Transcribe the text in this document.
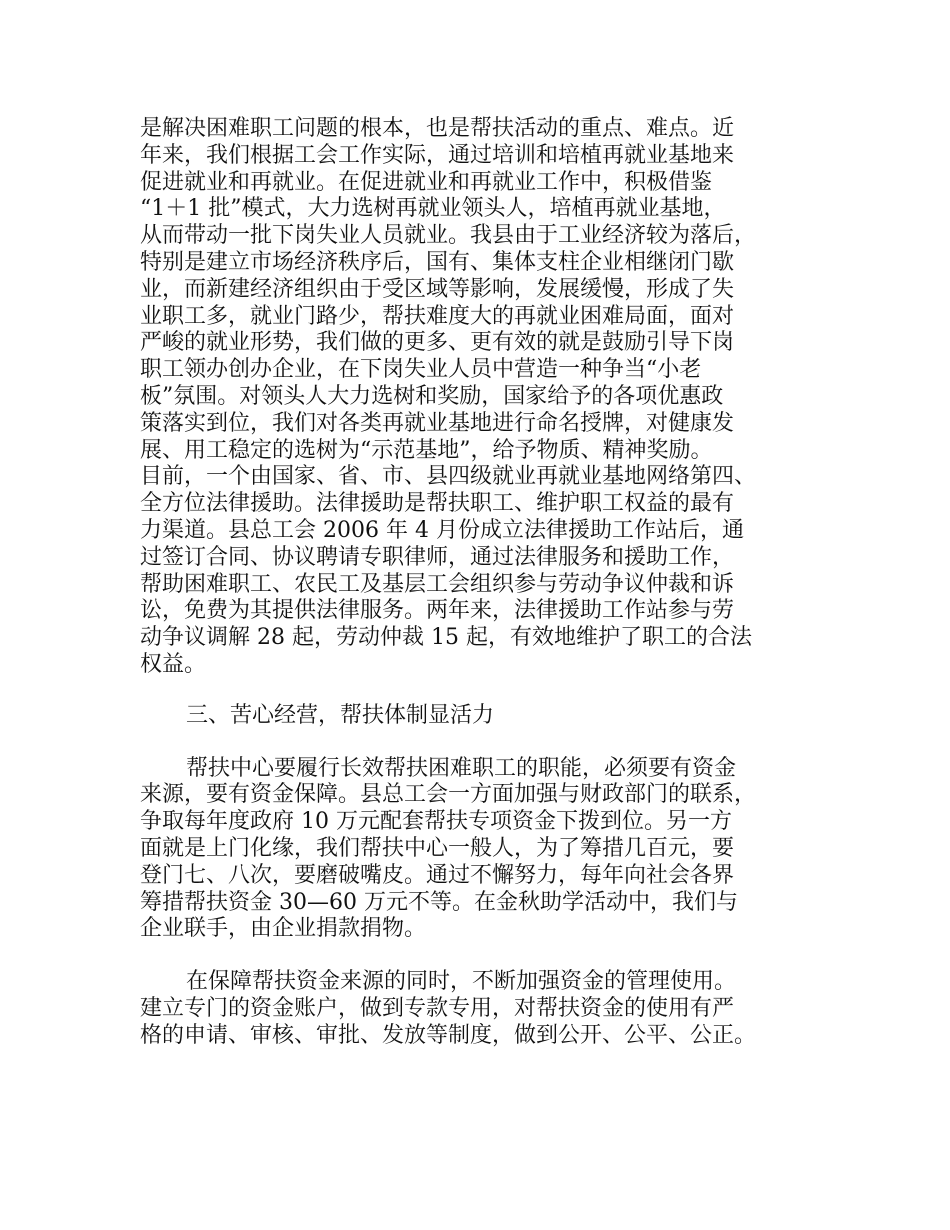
是解决困难职工问题的根本，也是帮扶活动的重点、难点。近
年来，我们根据工会工作实际，通过培训和培植再就业基地来
促进就业和再就业。在促进就业和再就业工作中，积极借鉴
“1＋1 批”模式，大力选树再就业领头人，培植再就业基地，
从而带动一批下岗失业人员就业。我县由于工业经济较为落后，
特别是建立市场经济秩序后，国有、集体支柱企业相继闭门歇
业，而新建经济组织由于受区域等影响，发展缓慢，形成了失
业职工多，就业门路少，帮扶难度大的再就业困难局面，面对
严峻的就业形势，我们做的更多、更有效的就是鼓励引导下岗
职工领办创办企业，在下岗失业人员中营造一种争当“小老
板”氛围。对领头人大力选树和奖励，国家给予的各项优惠政
策落实到位，我们对各类再就业基地进行命名授牌，对健康发
展、用工稳定的选树为“示范基地”，给予物质、精神奖励。
目前，一个由国家、省、市、县四级就业再就业基地网络第四、
全方位法律援助。法律援助是帮扶职工、维护职工权益的最有
力渠道。县总工会 2006 年 4 月份成立法律援助工作站后，通
过签订合同、协议聘请专职律师，通过法律服务和援助工作，
帮助困难职工、农民工及基层工会组织参与劳动争议仲裁和诉
讼，免费为其提供法律服务。两年来，法律援助工作站参与劳
动争议调解 28 起，劳动仲裁 15 起，有效地维护了职工的合法
权益。
三、苦心经营，帮扶体制显活力
帮扶中心要履行长效帮扶困难职工的职能，必须要有资金
来源，要有资金保障。县总工会一方面加强与财政部门的联系，
争取每年度政府 10 万元配套帮扶专项资金下拨到位。另一方
面就是上门化缘，我们帮扶中心一般人，为了筹措几百元，要
登门七、八次，要磨破嘴皮。通过不懈努力，每年向社会各界
筹措帮扶资金 30—60 万元不等。在金秋助学活动中，我们与
企业联手，由企业捐款捐物。
在保障帮扶资金来源的同时，不断加强资金的管理使用。
建立专门的资金账户，做到专款专用，对帮扶资金的使用有严
格的申请、审核、审批、发放等制度，做到公开、公平、公正。
